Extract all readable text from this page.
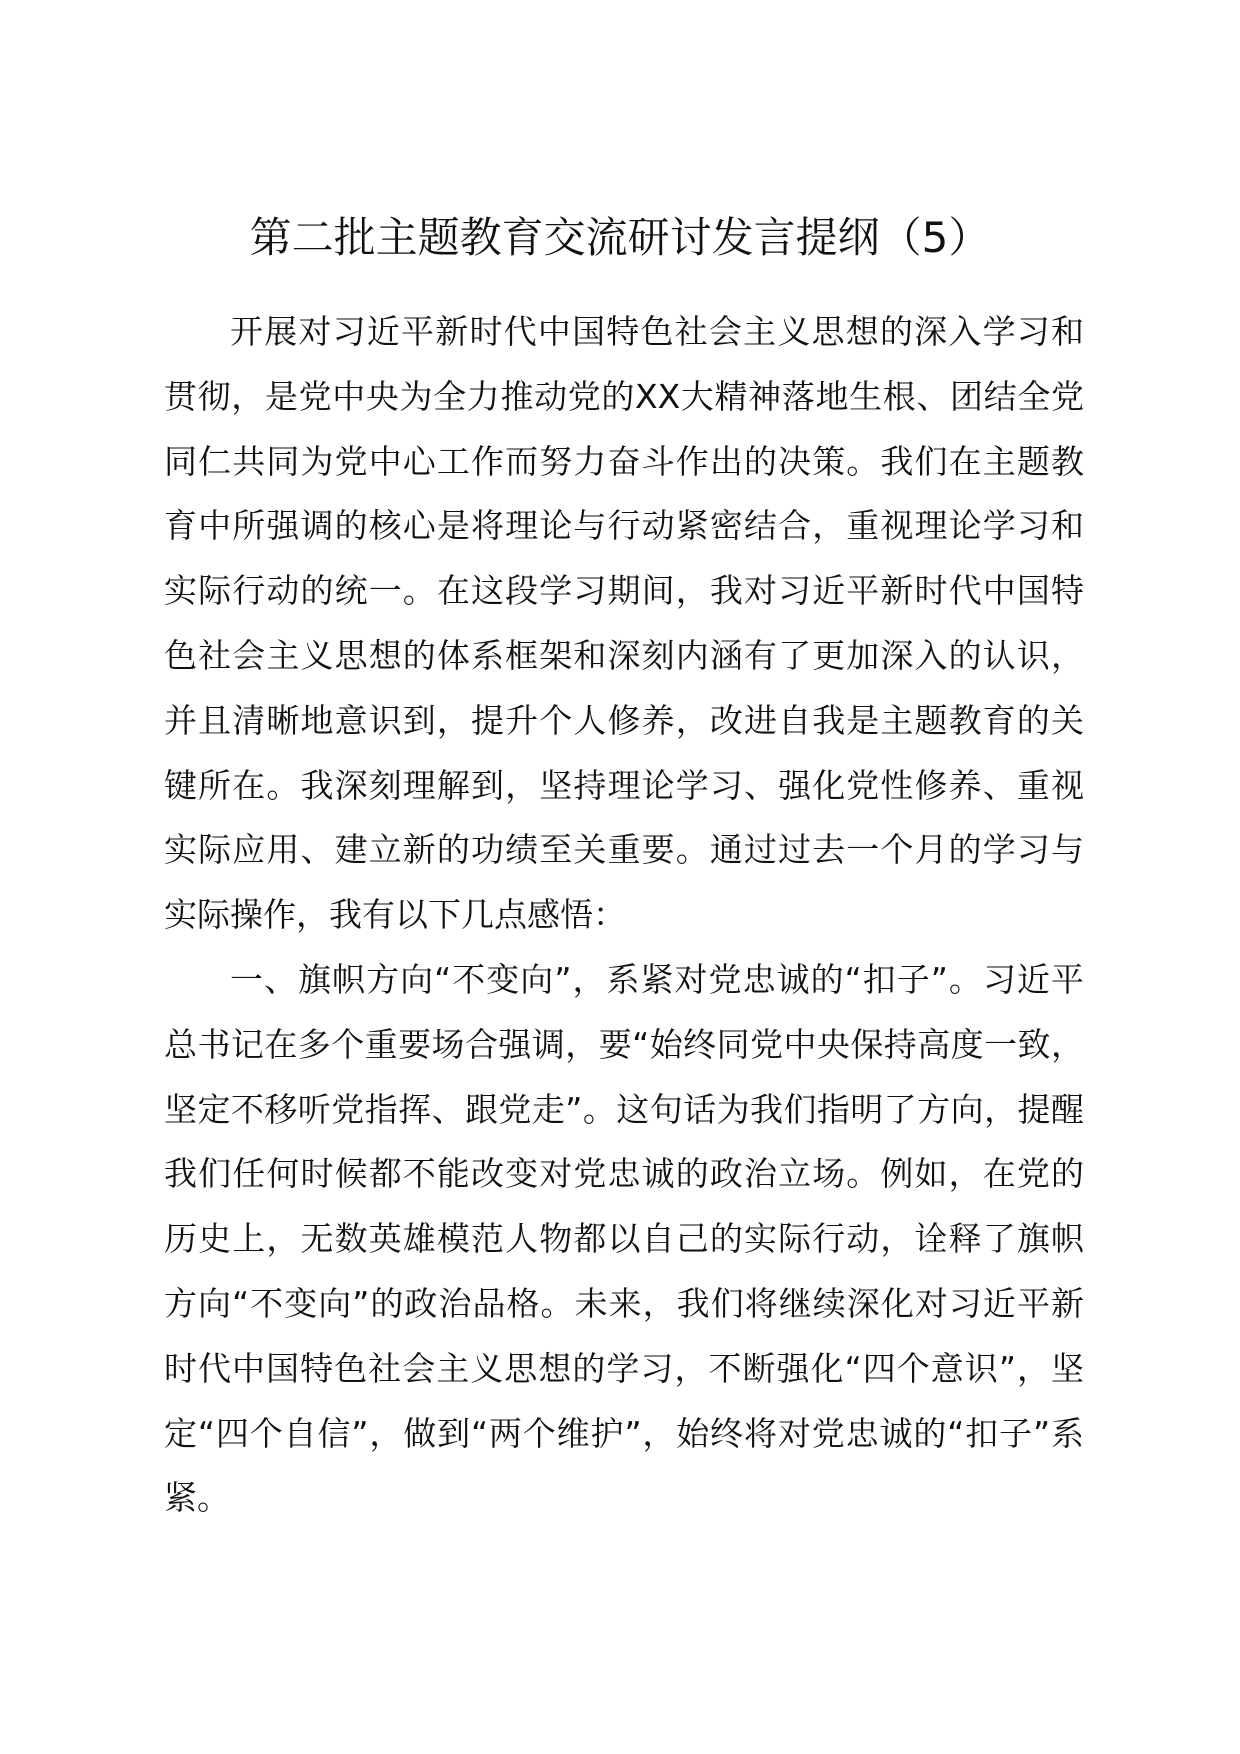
第二批主题教育交流研讨发言提纲（5）

开展对习近平新时代中国特色社会主义思想的深入学习和贯彻，是党中央为全力推动党的XX大精神落地生根、团结全党同仁共同为党中心工作而努力奋斗作出的决策。我们在主题教育中所强调的核心是将理论与行动紧密结合，重视理论学习和实际行动的统一。在这段学习期间，我对习近平新时代中国特色社会主义思想的体系框架和深刻内涵有了更加深入的认识，并且清晰地意识到，提升个人修养，改进自我是主题教育的关键所在。我深刻理解到，坚持理论学习、强化党性修养、重视实际应用、建立新的功绩至关重要。通过过去一个月的学习与实际操作，我有以下几点感悟：

一、旗帜方向“不变向”，系紧对党忠诚的“扣子”。习近平总书记在多个重要场合强调，要“始终同党中央保持高度一致，坚定不移听党指挥、跟党走”。这句话为我们指明了方向，提醒我们任何时候都不能改变对党忠诚的政治立场。例如，在党的历史上，无数英雄模范人物都以自己的实际行动，诠释了旗帜方向“不变向”的政治品格。未来，我们将继续深化对习近平新时代中国特色社会主义思想的学习，不断强化“四个意识”，坚定“四个自信”，做到“两个维护”，始终将对党忠诚的“扣子”系紧。
